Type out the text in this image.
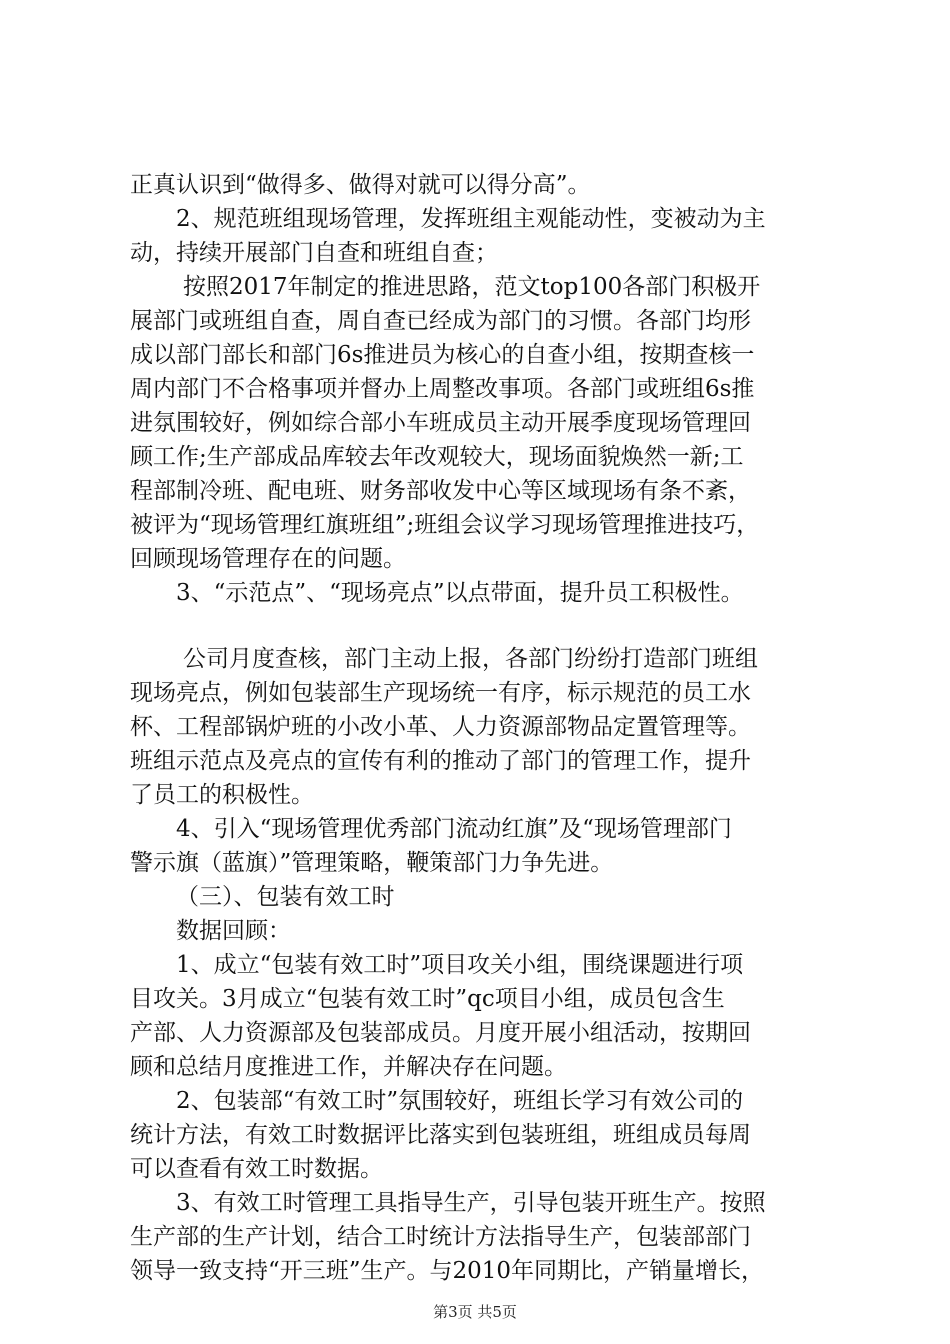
正真认识到“做得多、做得对就可以得分高”。
2、规范班组现场管理，发挥班组主观能动性，变被动为主
动，持续开展部门自查和班组自查；
按照2017年制定的推进思路，范文top100各部门积极开
展部门或班组自查，周自查已经成为部门的习惯。各部门均形
成以部门部长和部门6s推进员为核心的自查小组，按期查核一
周内部门不合格事项并督办上周整改事项。各部门或班组6s推
进氛围较好，例如综合部小车班成员主动开展季度现场管理回
顾工作;生产部成品库较去年改观较大，现场面貌焕然一新;工
程部制冷班、配电班、财务部收发中心等区域现场有条不紊，
被评为“现场管理红旗班组”;班组会议学习现场管理推进技巧，
回顾现场管理存在的问题。
3、“示范点”、“现场亮点”以点带面，提升员工积极性。
公司月度查核，部门主动上报，各部门纷纷打造部门班组
现场亮点，例如包装部生产现场统一有序，标示规范的员工水
杯、工程部锅炉班的小改小革、人力资源部物品定置管理等。
班组示范点及亮点的宣传有利的推动了部门的管理工作，提升
了员工的积极性。
4、引入“现场管理优秀部门流动红旗”及“现场管理部门
警示旗（蓝旗）”管理策略，鞭策部门力争先进。
（三）、包装有效工时
数据回顾：
1、成立“包装有效工时”项目攻关小组，围绕课题进行项
目攻关。3月成立“包装有效工时”qc项目小组，成员包含生
产部、人力资源部及包装部成员。月度开展小组活动，按期回
顾和总结月度推进工作，并解决存在问题。
2、包装部“有效工时”氛围较好，班组长学习有效公司的
统计方法，有效工时数据评比落实到包装班组，班组成员每周
可以查看有效工时数据。
3、有效工时管理工具指导生产，引导包装开班生产。按照
生产部的生产计划，结合工时统计方法指导生产，包装部部门
领导一致支持“开三班”生产。与2010年同期比，产销量增长，
第3页 共5页
